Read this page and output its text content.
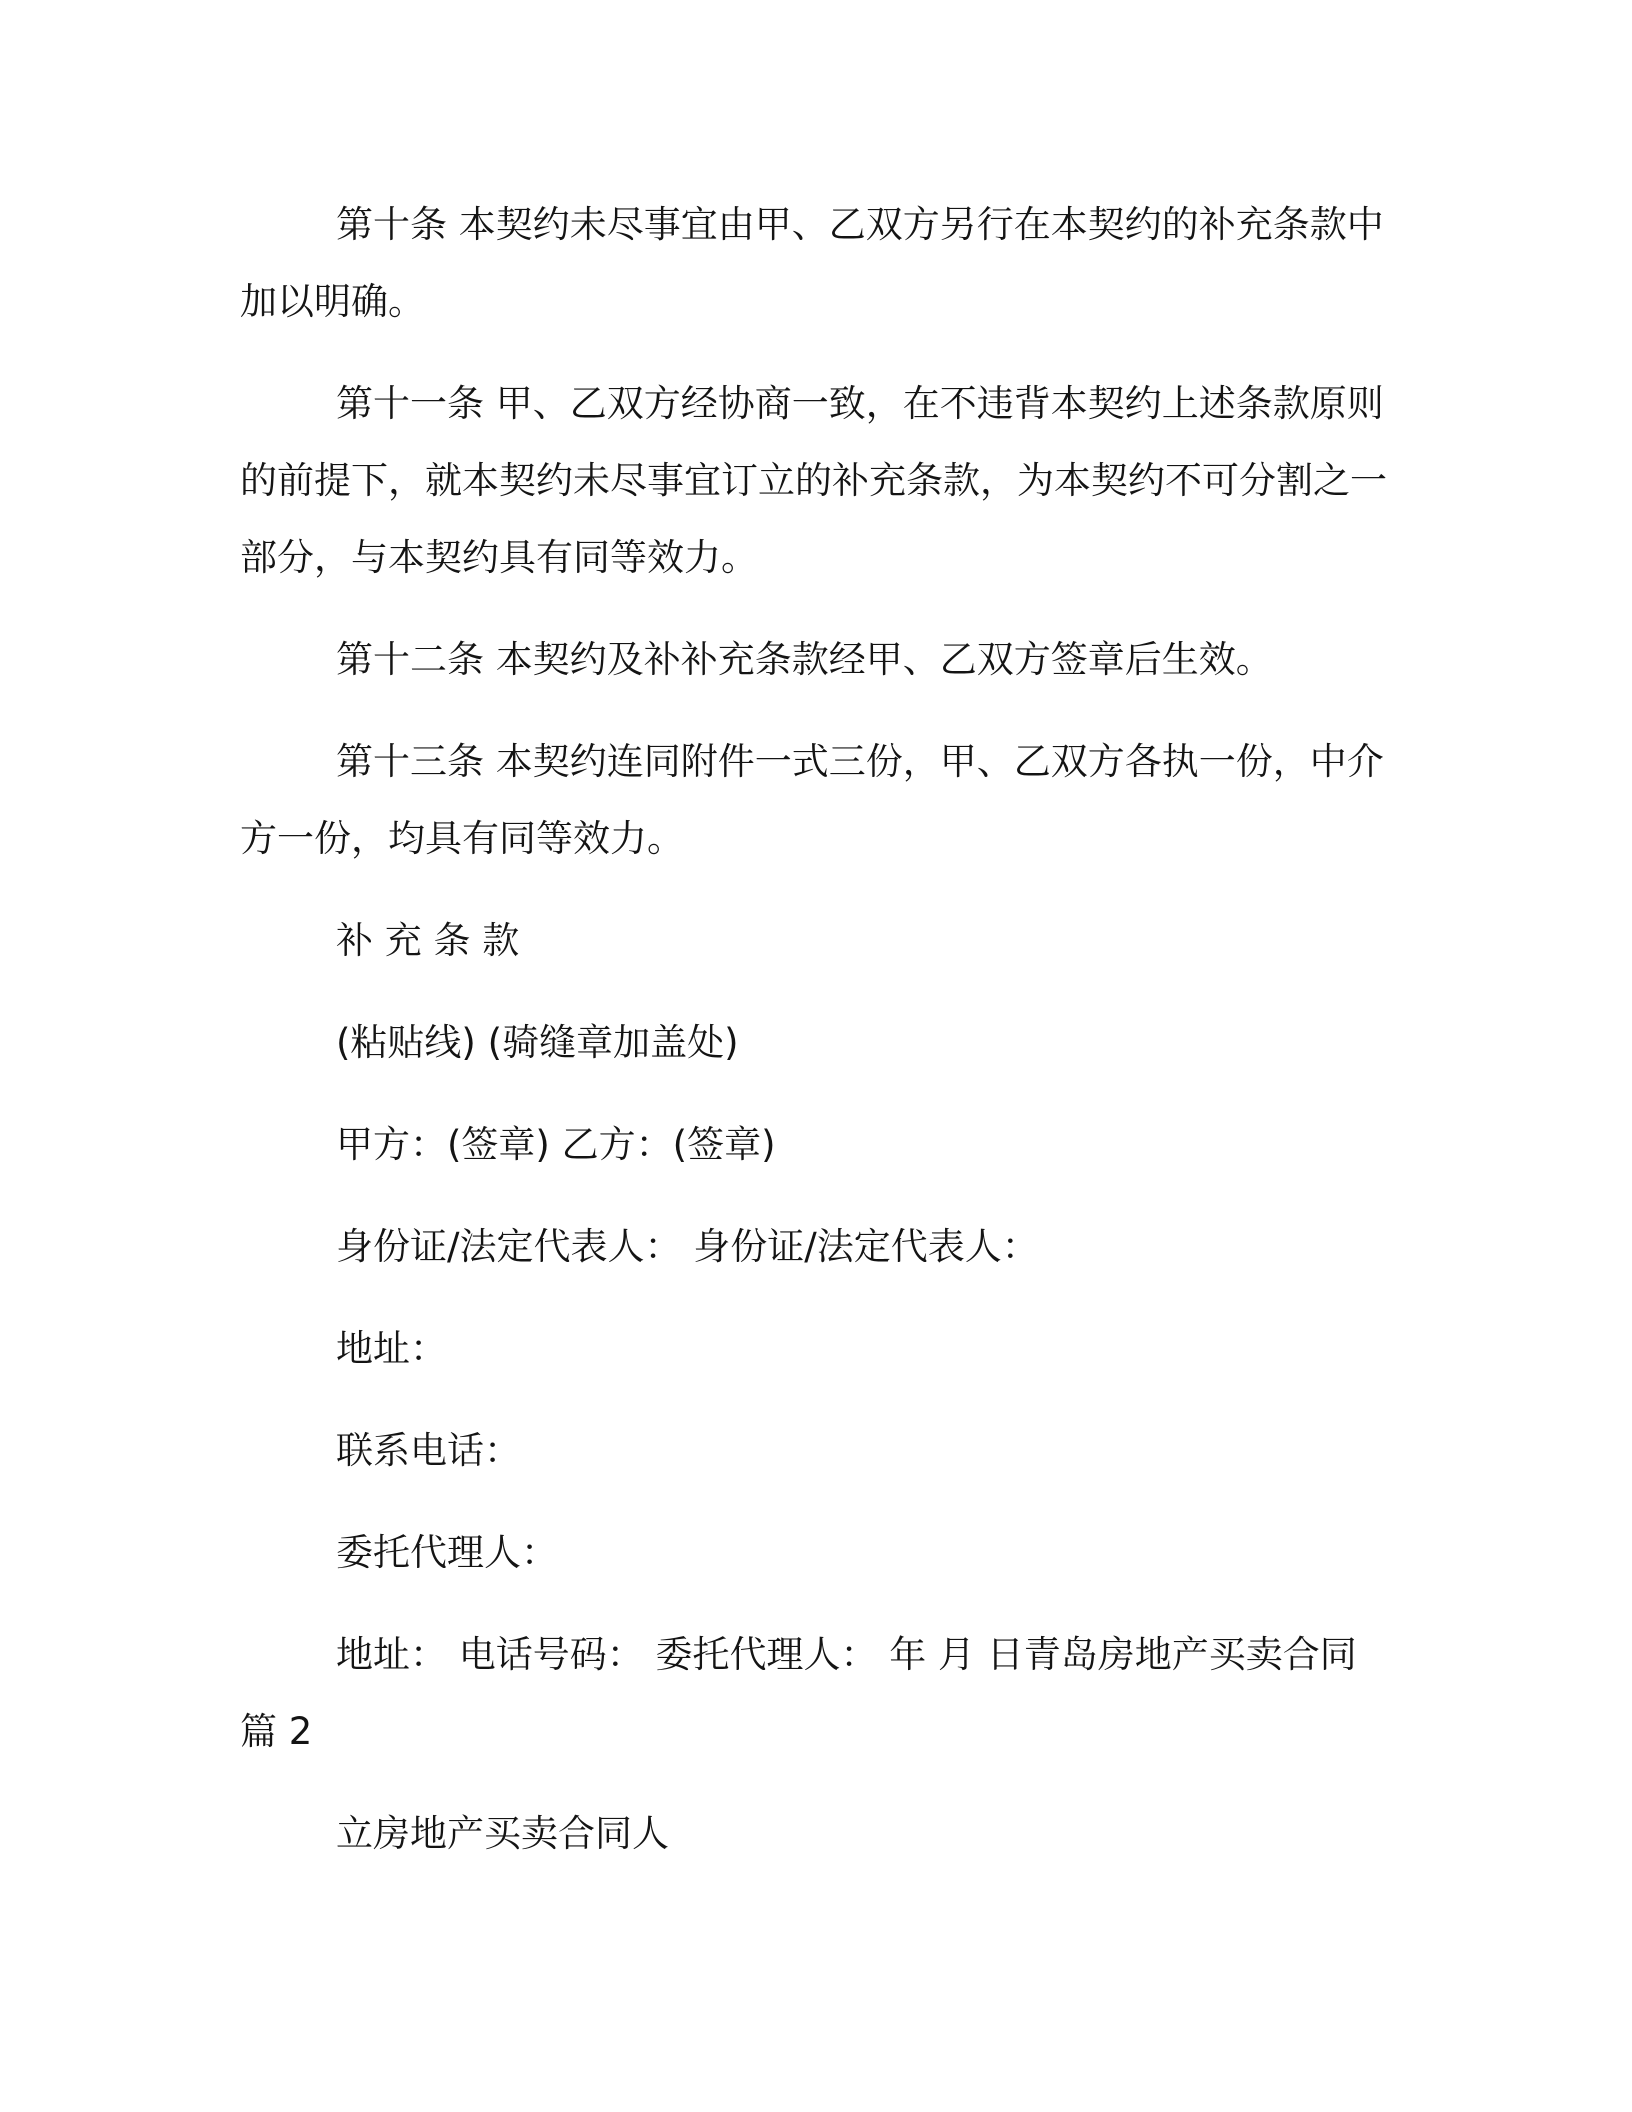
第十条 本契约未尽事宜由甲、乙双方另行在本契约的补充条款中加以明确。

第十一条 甲、乙双方经协商一致，在不违背本契约上述条款原则的前提下，就本契约未尽事宜订立的补充条款，为本契约不可分割之一部分，与本契约具有同等效力。

第十二条 本契约及补补充条款经甲、乙双方签章后生效。

第十三条 本契约连同附件一式三份，甲、乙双方各执一份，中介方一份，均具有同等效力。

补 充 条 款

(粘贴线) (骑缝章加盖处)

甲方：(签章) 乙方：(签章)

身份证/法定代表人： 身份证/法定代表人：

地址：

联系电话：

委托代理人：

地址： 电话号码： 委托代理人： 年 月 日青岛房地产买卖合同篇 2

立房地产买卖合同人
